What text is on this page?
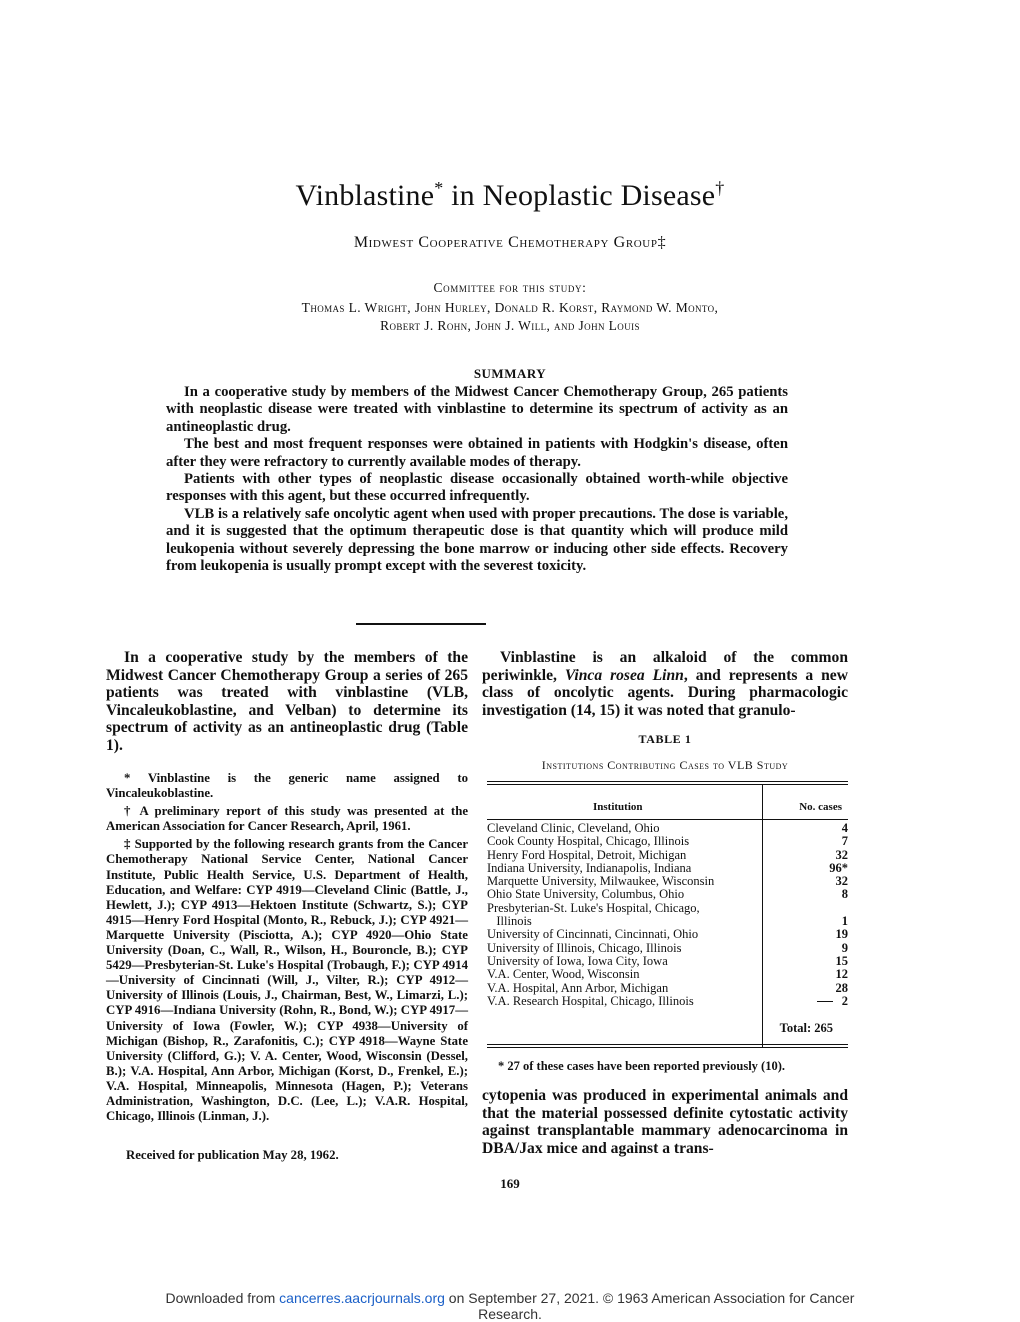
Vinblastine* in Neoplastic Disease†
Midwest Cooperative Chemotherapy Group‡
Committee for this study:
Thomas L. Wright, John Hurley, Donald R. Korst, Raymond W. Monto,
Robert J. Rohn, John J. Will, and John Louis
SUMMARY

In a cooperative study by members of the Midwest Cancer Chemotherapy Group, 265 patients with neoplastic disease were treated with vinblastine to determine its spectrum of activity as an antineoplastic drug.

The best and most frequent responses were obtained in patients with Hodgkin's disease, often after they were refractory to currently available modes of therapy.

Patients with other types of neoplastic disease occasionally obtained worth-while objective responses with this agent, but these occurred infrequently.

VLB is a relatively safe oncolytic agent when used with proper precautions. The dose is variable, and it is suggested that the optimum therapeutic dose is that quantity which will produce mild leukopenia without severely depressing the bone marrow or inducing other side effects. Recovery from leukopenia is usually prompt except with the severest toxicity.

In a cooperative study by the members of the Midwest Cancer Chemotherapy Group a series of 265 patients was treated with vinblastine (VLB, Vincaleukoblastine, and Velban) to determine its spectrum of activity as an antineoplastic drug (Table 1).

* Vinblastine is the generic name assigned to Vincaleukoblastine.

† A preliminary report of this study was presented at the American Association for Cancer Research, April, 1961.

‡ Supported by the following research grants from the Cancer Chemotherapy National Service Center, National Cancer Institute, Public Health Service, U.S. Department of Health, Education, and Welfare: CYP 4919—Cleveland Clinic (Battle, J., Hewlett, J.); CYP 4913—Hektoen Institute (Schwartz, S.); CYP 4915—Henry Ford Hospital (Monto, R., Rebuck, J.); CYP 4921—Marquette University (Pisciotta, A.); CYP 4920—Ohio State University (Doan, C., Wall, R., Wilson, H., Bouroncle, B.); CYP 5429—Presbyterian-St. Luke's Hospital (Trobaugh, F.); CYP 4914—University of Cincinnati (Will, J., Vilter, R.); CYP 4912—University of Illinois (Louis, J., Chairman, Best, W., Limarzi, L.); CYP 4916—Indiana University (Rohn, R., Bond, W.); CYP 4917—University of Iowa (Fowler, W.); CYP 4938—University of Michigan (Bishop, R., Zarafonitis, C.); CYP 4918—Wayne State University (Clifford, G.); V. A. Center, Wood, Wisconsin (Dessel, B.); V.A. Hospital, Ann Arbor, Michigan (Korst, D., Frenkel, E.); V.A. Hospital, Minneapolis, Minnesota (Hagen, P.); Veterans Administration, Washington, D.C. (Lee, L.); V.A.R. Hospital, Chicago, Illinois (Linman, J.).

Received for publication May 28, 1962.

Vinblastine is an alkaloid of the common periwinkle, Vinca rosea Linn, and represents a new class of oncolytic agents. During pharmacologic investigation (14, 15) it was noted that granulo-

TABLE 1
Institutions Contributing Cases to VLB Study
Institution	No. cases
Cleveland Clinic, Cleveland, Ohio	4
Cook County Hospital, Chicago, Illinois	7
Henry Ford Hospital, Detroit, Michigan	32
Indiana University, Indianapolis, Indiana	96*
Marquette University, Milwaukee, Wisconsin	32
Ohio State University, Columbus, Ohio	8
Presbyterian-St. Luke's Hospital, Chicago,
Illinois	1
University of Cincinnati, Cincinnati, Ohio	19
University of Illinois, Chicago, Illinois	9
University of Iowa, Iowa City, Iowa	15
V.A. Center, Wood, Wisconsin	12
V.A. Hospital, Ann Arbor, Michigan	28
V.A. Research Hospital, Chicago, Illinois	2
Total: 265
* 27 of these cases have been reported previously (10).

cytopenia was produced in experimental animals and that the material possessed definite cytostatic activity against transplantable mammary adenocarcinoma in DBA/Jax mice and against a trans-

169
Downloaded from cancerres.aacrjournals.org on September 27, 2021. © 1963 American Association for Cancer
Research.
